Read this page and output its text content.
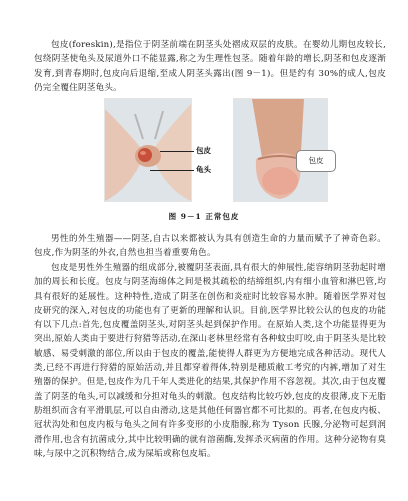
包皮(foreskin),是指位于阴茎前端在阴茎头处褶成双层的皮肤。在婴幼儿期包皮较长,包绕阴茎使龟头及尿道外口不能显露,称之为生理性包茎。随着年龄的增长,阴茎和包皮逐渐发育,到青春期时,包皮向后退缩,至成人阴茎头露出(图 9－1)。但是约有 30%的成人,包皮仍完全覆住阴茎龟头。

包皮
龟头
包皮
图 9－1 正常包皮

男性的外生殖器——阴茎,自古以来都被认为具有创造生命的力量而赋予了神奇色彩。包皮,作为阴茎的外衣,自然也担当着重要角色。

包皮是男性外生殖器的组成部分,被覆阴茎表面,具有很大的伸展性,能容纳阴茎勃起时增加的周长和长度。包皮与阴茎海绵体之间是极其疏松的结缔组织,内有细小血管和淋巴管,均具有很好的延展性。这种特性,造成了阴茎在创伤和炎症时比较容易水肿。随着医学界对包皮研究的深入,对包皮的功能也有了更新的理解和认识。目前,医学界比较公认的包皮的功能有以下几点:首先,包皮覆盖阴茎头,对阴茎头起到保护作用。在原始人类,这个功能显得更为突出,原始人类由于要进行狩猎等活动,在深山老林里经常有各种蚊虫叮咬,由于阴茎头是比较敏感、易受刺激的部位,所以由于包皮的覆盖,能使得人群更为方便地完成各种活动。现代人类,已经不再进行狩猎的原始活动,并且都穿着得体,特别是穗质敝工考究的内裤,增加了对生殖器的保护。但是,包皮作为几千年人类进化的结果,其保护作用不容忽视。其次,由于包皮覆盖了阴茎的龟头,可以减缓和分担对龟头的刺激。包皮结构比较巧妙,包皮的皮很薄,皮下无脂肪组织而含有平滑肌层,可以自由滑动,这是其他任何器官都不可比拟的。再者,在包皮内板、冠状沟处和包皮内板与龟头之间有许多变形的小皮脂腺,称为 Tyson 氏腺,分泌物可起到润滑作用,也含有抗菌成分,其中比较明确的就有溶菌酶,发挥杀灭病菌的作用。这种分泌物有臭味,与尿中之沉积物结合,成为屎垢或称包皮垢。
